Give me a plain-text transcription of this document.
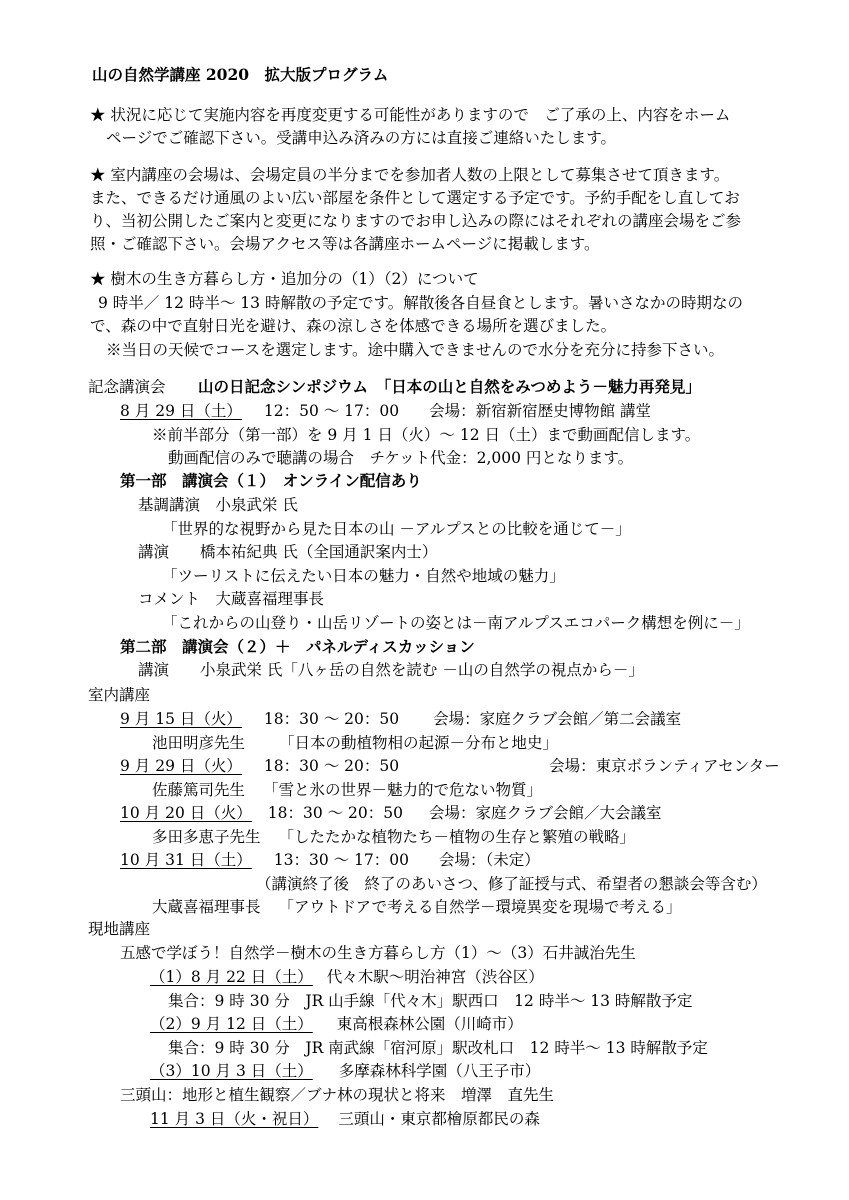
山の自然学講座 2020　拡大版プログラム
★ 状況に応じて実施内容を再度変更する可能性がありますので　ご了承の上、内容をホーム
ページでご確認下さい。受講申込み済みの方には直接ご連絡いたします。
★ 室内講座の会場は、会場定員の半分までを参加者人数の上限として募集させて頂きます。
また、できるだけ通風のよい広い部屋を条件として選定する予定です。予約手配をし直してお
り、当初公開したご案内と変更になりますのでお申し込みの際にはそれぞれの講座会場をご参
照・ご確認下さい。会場アクセス等は各講座ホームページに掲載します。
★ 樹木の生き方暮らし方・追加分の（1）（2）について
9 時半／ 12 時半～ 13 時解散の予定です。解散後各自昼食とします。暑いさなかの時期なの
で、森の中で直射日光を避け、森の涼しさを体感できる場所を選びました。
※当日の天候でコースを選定します。途中購入できませんので水分を充分に持参下さい。
記念講演会 山の日記念シンポジウム　「日本の山と自然をみつめよう－魅力再発見」
8 月 29 日（土） 12：50 ～ 17：00 会場：新宿新宿歴史博物館 講堂
※前半部分（第一部）を 9 月 1 日（火）～ 12 日（土）まで動画配信します。
動画配信のみで聴講の場合　チケット代金：2,000 円となります。
第一部　講演会（１）　オンライン配信あり
基調講演　小泉武栄 氏
「世界的な視野から見た日本の山 －アルプスとの比較を通じて－」
講演　　橋本祐紀典 氏（全国通訳案内士）
「ツーリストに伝えたい日本の魅力・自然や地域の魅力」
コメント　大蔵喜福理事長
「これからの山登り・山岳リゾートの姿とは－南アルプスエコパーク構想を例に－」
第二部　講演会（２）＋　パネルディスカッション
講演　　小泉武栄 氏「八ヶ岳の自然を読む －山の自然学の視点から－」
室内講座
9 月 15 日（火） 18：30 ～ 20：50 会場：家庭クラブ会館／第二会議室
池田明彦先生 「日本の動植物相の起源－分布と地史」
9 月 29 日（火） 18：30 ～ 20：50	会場：東京ボランティアセンター
佐藤篤司先生 「雪と氷の世界－魅力的で危ない物質」
10 月 20 日（火） 18：30 ～ 20：50 会場：家庭クラブ会館／大会議室
多田多恵子先生 「したたかな植物たち－植物の生存と繁殖の戦略」
10 月 31 日（土） 13：30 ～ 17：00 会場：（未定）
（講演終了後　終了のあいさつ、修了証授与式、希望者の懇談会等含む）
大蔵喜福理事長 「アウトドアで考える自然学－環境異変を現場で考える」
現地講座
五感で学ぼう！自然学－樹木の生き方暮らし方（1）～（3）石井誠治先生
（1）8 月 22 日（土） 代々木駅～明治神宮（渋谷区）
集合：9 時 30 分　JR 山手線「代々木」駅西口　12 時半～ 13 時解散予定
（2）9 月 12 日（土） 東高根森林公園（川崎市）
集合：9 時 30 分　JR 南武線「宿河原」駅改札口　12 時半～ 13 時解散予定
（3）10 月 3 日（土） 多摩森林科学園（八王子市）
三頭山：地形と植生観察／ブナ林の現状と将来　増澤　直先生
11 月 3 日（火・祝日） 三頭山・東京都檜原都民の森
